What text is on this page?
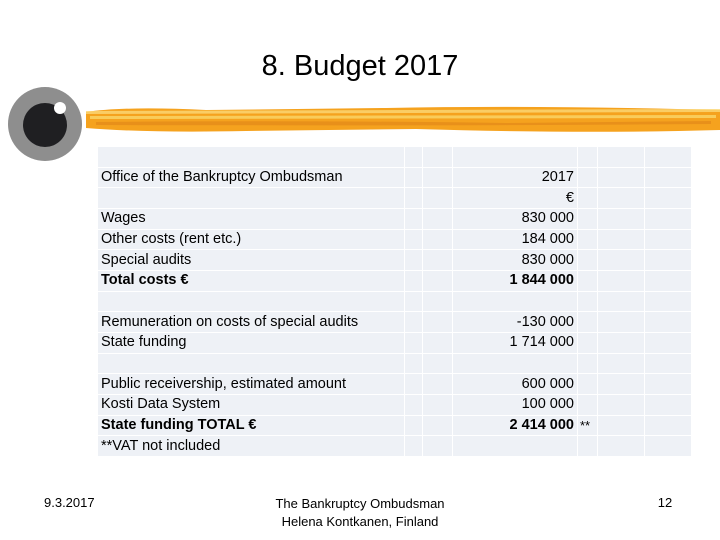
8. Budget 2017

Office of the Bankruptcy Ombudsman			2017			
			€			
Wages			830 000			
Other costs (rent etc.)			184 000			
Special audits			830 000			
Total costs €			1 844 000			

Remuneration on costs of special audits			-130 000			
State funding			1 714 000			

Public receivership, estimated amount			600 000			
Kosti Data System			100 000			
State funding TOTAL €			2 414 000	**		
**VAT not included						
9.3.2017	The Bankruptcy Ombudsman
Helena Kontkanen, Finland
12
